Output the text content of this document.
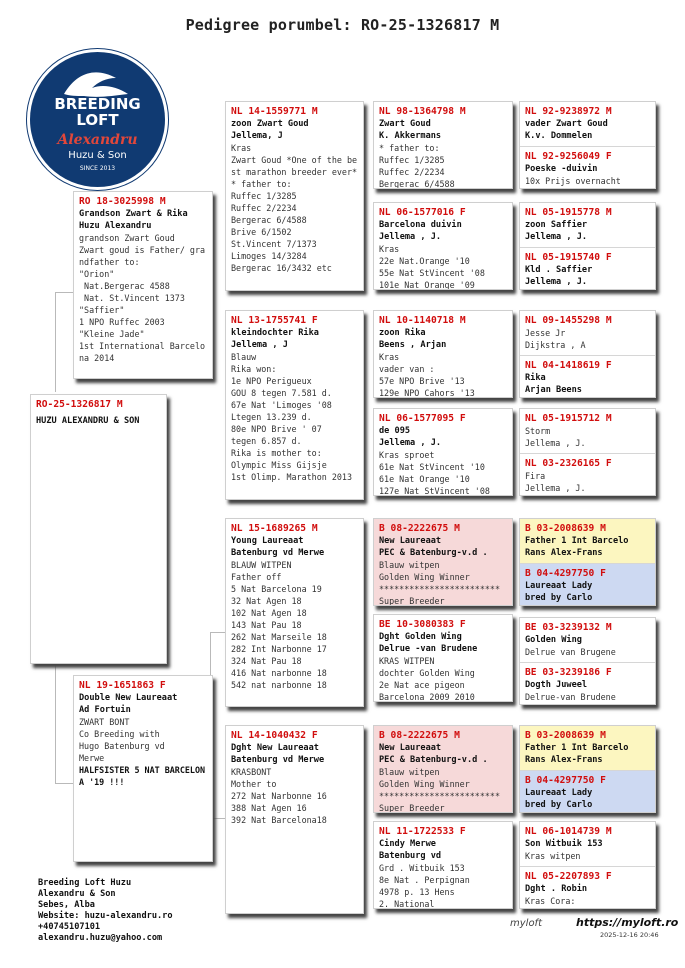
Pedigree porumbel: RO-25-1326817 M
BREEDING
LOFT
Alexandru
Huzu & Son
SINCE 2013
RO 18-3025998 M
Grandson Zwart & Rika
Huzu Alexandru
grandson Zwart Goud
Zwart goud is Father/ grandfather to:
"Orion"
Nat.Bergerac 4588
Nat. St.Vincent 1373
"Saffier"
1 NPO Ruffec 2003
"Kleine Jade"
1st International Barcelona 2014
NL 19-1651863 F
Double New Laureaat
Ad Fortuin
ZWART BONT
Co Breeding with
Hugo Batenburg vd
Merwe
HALFSISTER 5 NAT BARCELONA '19 !!!
RO-25-1326817 M
HUZU ALEXANDRU & SON
NL 14-1559771 M
zoon Zwart Goud
Jellema, J
Kras
Zwart Goud *One of the best marathon breeder ever*
* father to:
Ruffec 1/3285
Ruffec 2/2234
Bergerac 6/4588
Brive 6/1502
St.Vincent 7/1373
Limoges 14/3284
Bergerac 16/3432 etc
NL 13-1755741 F
kleindochter Rika
Jellema , J
Blauw
Rika won:
1e NPO Perigueux
GOU 8 tegen 7.581 d.
67e Nat 'Limoges '08
Ltegen 13.239 d.
80e NPO Brive ' 07
tegen 6.857 d.
Rika is mother to:
Olympic Miss Gijsje
1st Olimp. Marathon 2013
NL 15-1689265 M
Young Laureaat
Batenburg vd Merwe
BLAUW WITPEN
Father off
5 Nat Barcelona 19
32 Nat Agen 18
102 Nat Agen 18
143 Nat Pau 18
262 Nat Marseile 18
282 Int Narbonne 17
324 Nat Pau 18
416 Nat narbonne 18
542 nat narbonne 18
NL 14-1040432 F
Dght New Laureaat
Batenburg vd Merwe
KRASBONT
Mother to
272 Nat Narbonne 16
388 Nat Agen 16
392 Nat Barcelona18
NL 98-1364798 M
Zwart Goud
K. Akkermans
* father to:
Ruffec 1/3285
Ruffec 2/2234
Bergerac 6/4588
NL 06-1577016 F
Barcelona duivin
Jellema , J.
Kras
22e Nat.Orange '10
55e Nat StVincent '08
101e Nat Orange '09
NL 10-1140718 M
zoon Rika
Beens , Arjan
Kras
vader van :
57e NPO Brive '13
129e NPO Cahors '13
NL 06-1577095 F
de 095
Jellema , J.
Kras sproet
61e Nat StVincent '10
61e Nat Orange '10
127e Nat StVincent '08
B 08-2222675 M
New Laureaat
PEC & Batenburg-v.d .
Blauw witpen
Golden Wing Winner
************************
Super Breeder
BE 10-3080383 F
Dght Golden Wing
Delrue -van Brudene
KRAS WITPEN
dochter Golden Wing
2e Nat ace pigeon
Barcelona 2009 2010
B 08-2222675 M
New Laureaat
PEC & Batenburg-v.d .
Blauw witpen
Golden Wing Winner
************************
Super Breeder
NL 11-1722533 F
Cindy Merwe
Batenburg vd
Grd . Witbuik 153
8e Nat . Perpignan
4978 p. 13 Hens
2. National
NL 92-9238972 M
vader Zwart Goud
K.v. Dommelen
NL 92-9256049 F
Poeske -duivin
10x Prijs overnacht
NL 05-1915778 M
zoon Saffier
Jellema , J.
NL 05-1915740 F
Kld . Saffier
Jellema , J.
NL 09-1455298 M
Jesse Jr
Dijkstra , A
NL 04-1418619 F
Rika
Arjan Beens
NL 05-1915712 M
Storm
Jellema , J.
NL 03-2326165 F
Fira
Jellema , J.
B 03-2008639 M
Father 1 Int Barcelo
Rans Alex-Frans
B 04-4297750 F
Laureaat Lady
bred by Carlo
BE 03-3239132 M
Golden Wing
Delrue van Brugene
BE 03-3239186 F
Dogth Juweel
Delrue-van Brudene
B 03-2008639 M
Father 1 Int Barcelo
Rans Alex-Frans
B 04-4297750 F
Laureaat Lady
bred by Carlo
NL 06-1014739 M
Son Witbuik 153
Kras witpen
NL 05-2207893 F
Dght . Robin
Kras Cora:
Breeding Loft Huzu
Alexandru & Son
Sebes, Alba
Website: huzu-alexandru.ro
+40745107101
alexandru.huzu@yahoo.com
myloft	https://myloft.ro
2025-12-16 20:46
